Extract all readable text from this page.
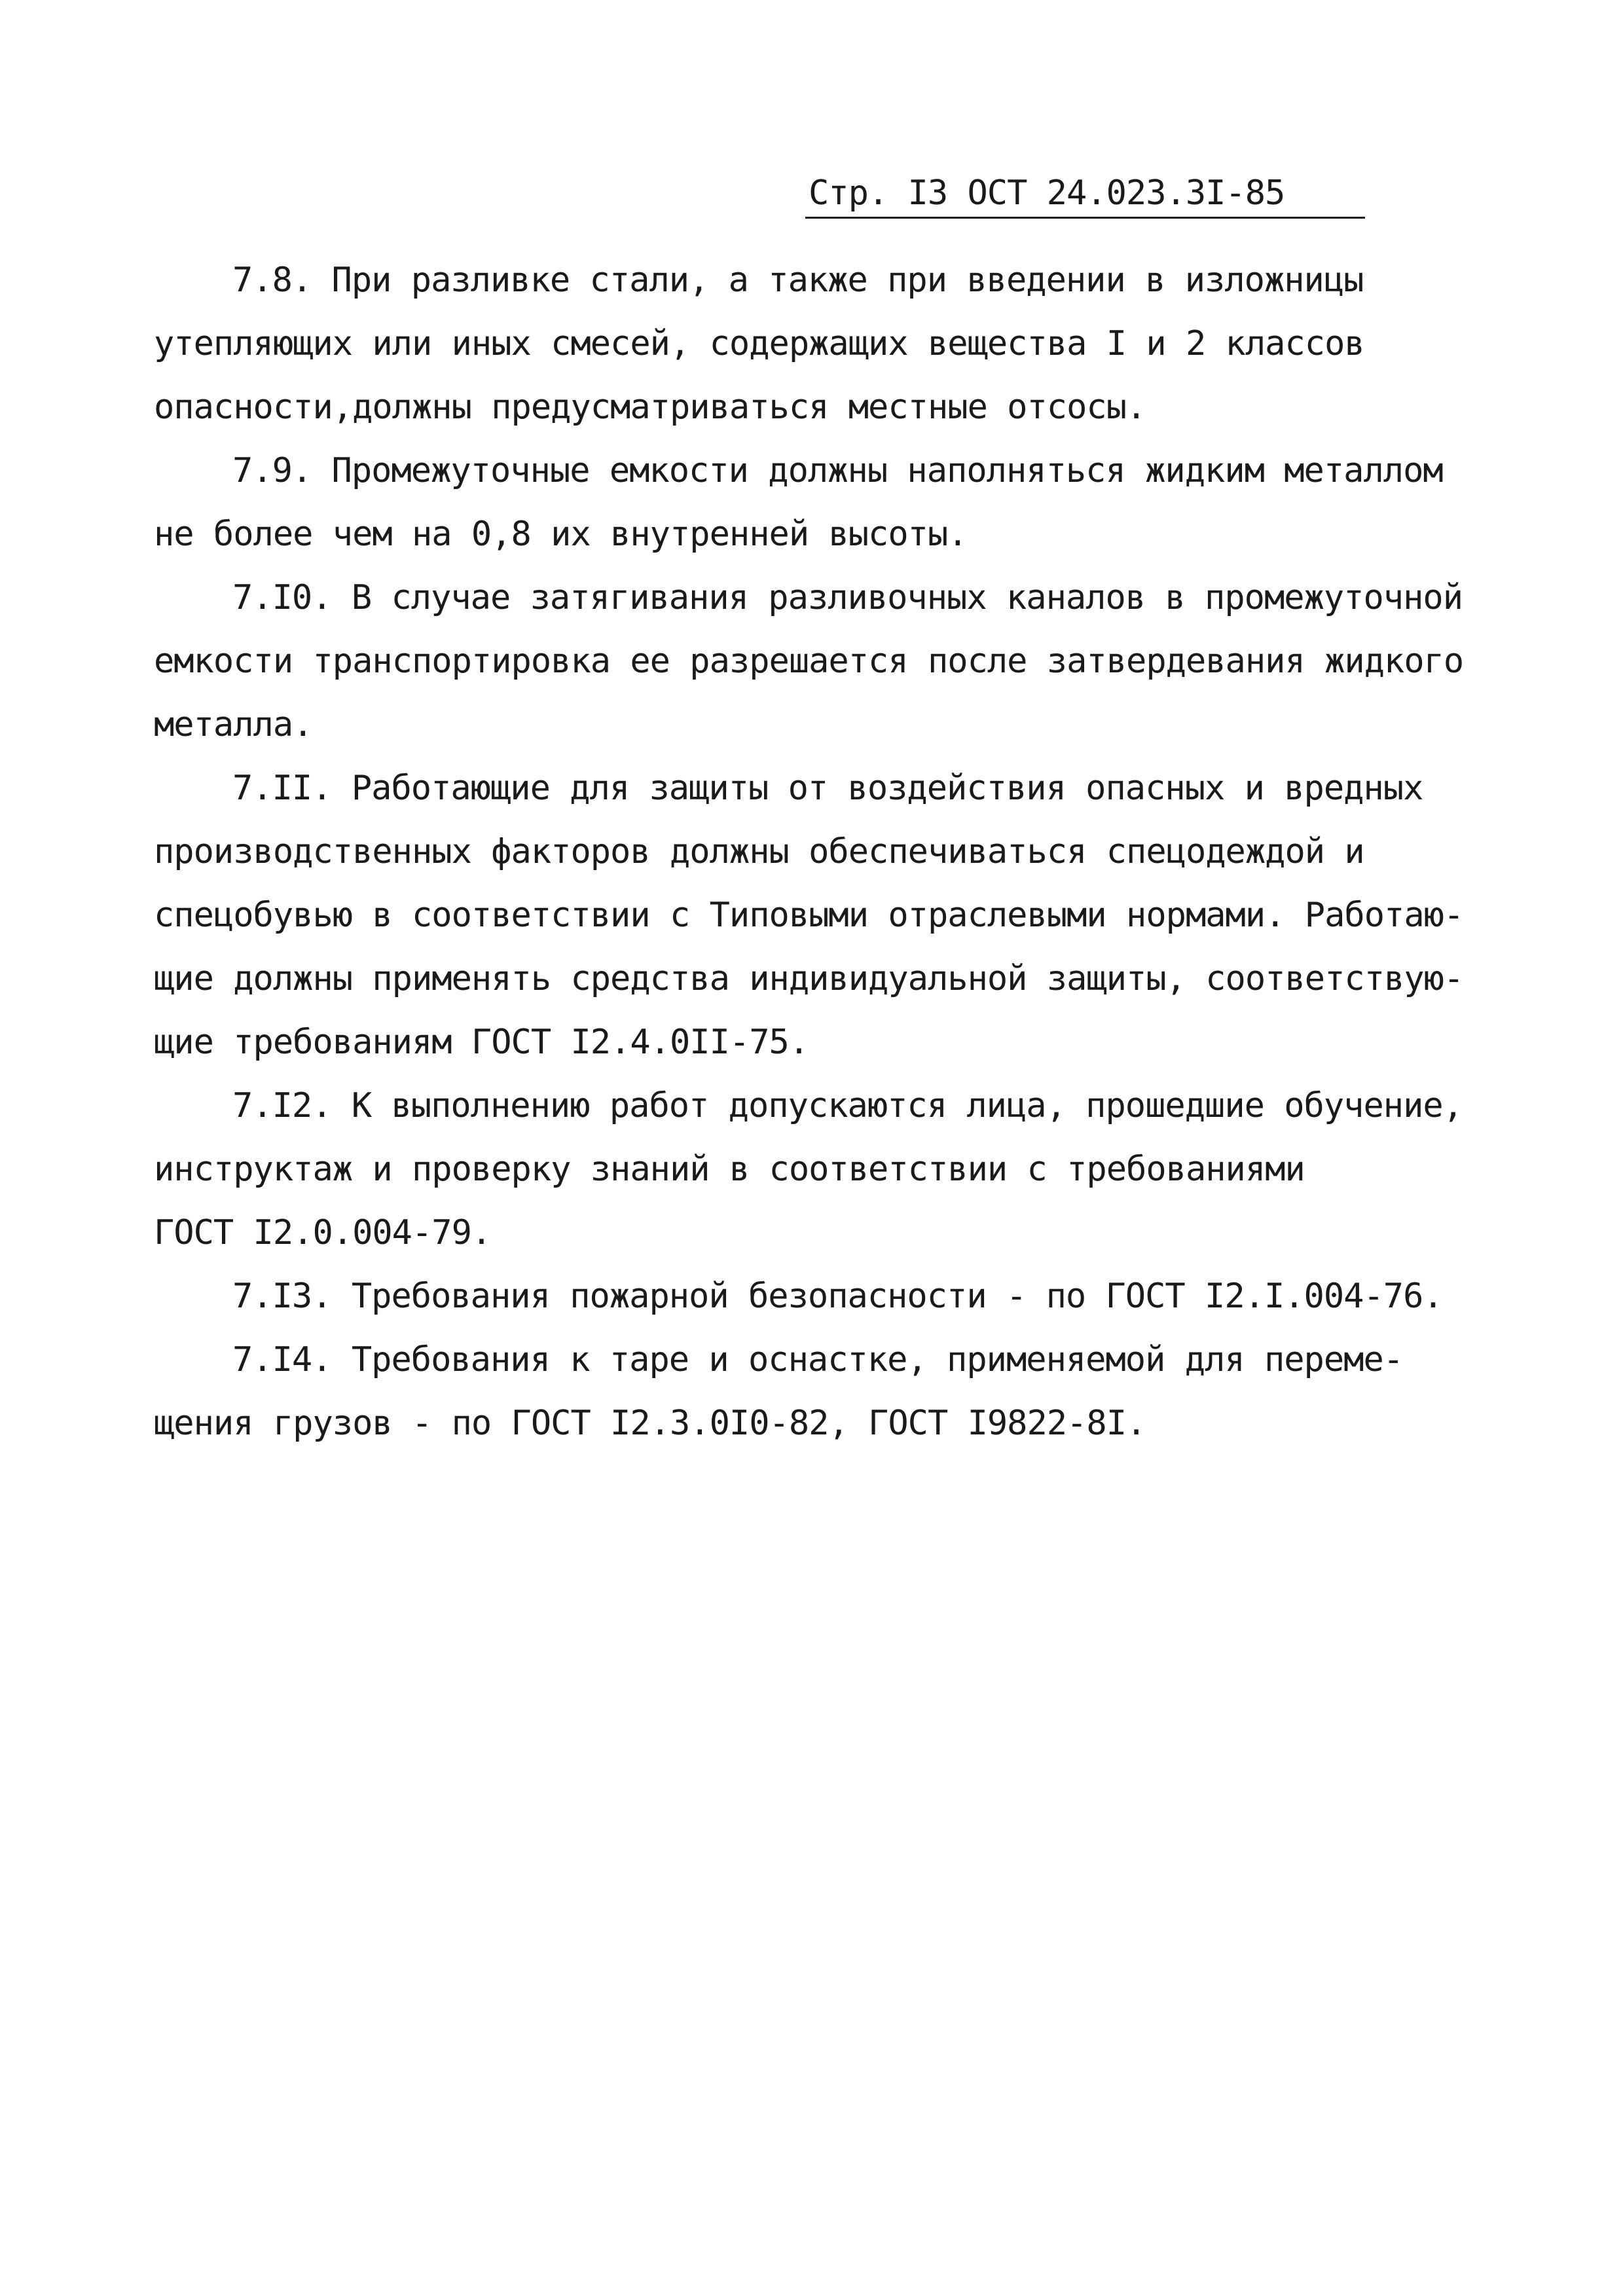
Стр. I3 ОСТ 24.023.3I-85
7.8. При разливке стали, а также при введении в изложницы
утепляющих или иных смесей, содержащих вещества I и 2 классов
опасности,должны предусматриваться местные отсосы.
7.9. Промежуточные емкости должны наполняться жидким металлом
не более чем на 0,8 их внутренней высоты.
7.I0. В случае затягивания разливочных каналов в промежуточной
емкости транспортировка ее разрешается после затвердевания жидкого
металла.
7.II. Работающие для защиты от воздействия опасных и вредных
производственных факторов должны обеспечиваться спецодеждой и
спецобувью в соответствии с Типовыми отраслевыми нормами. Работаю-
щие должны применять средства индивидуальной защиты, соответствую-
щие требованиям ГОСТ I2.4.0II-75.
7.I2. К выполнению работ допускаются лица, прошедшие обучение,
инструктаж и проверку знаний в соответствии с требованиями
ГОСТ I2.0.004-79.
7.I3. Требования пожарной безопасности - по ГОСТ I2.I.004-76.
7.I4. Требования к таре и оснастке, применяемой для переме-
щения грузов - по ГОСТ I2.3.0I0-82, ГОСТ I9822-8I.
